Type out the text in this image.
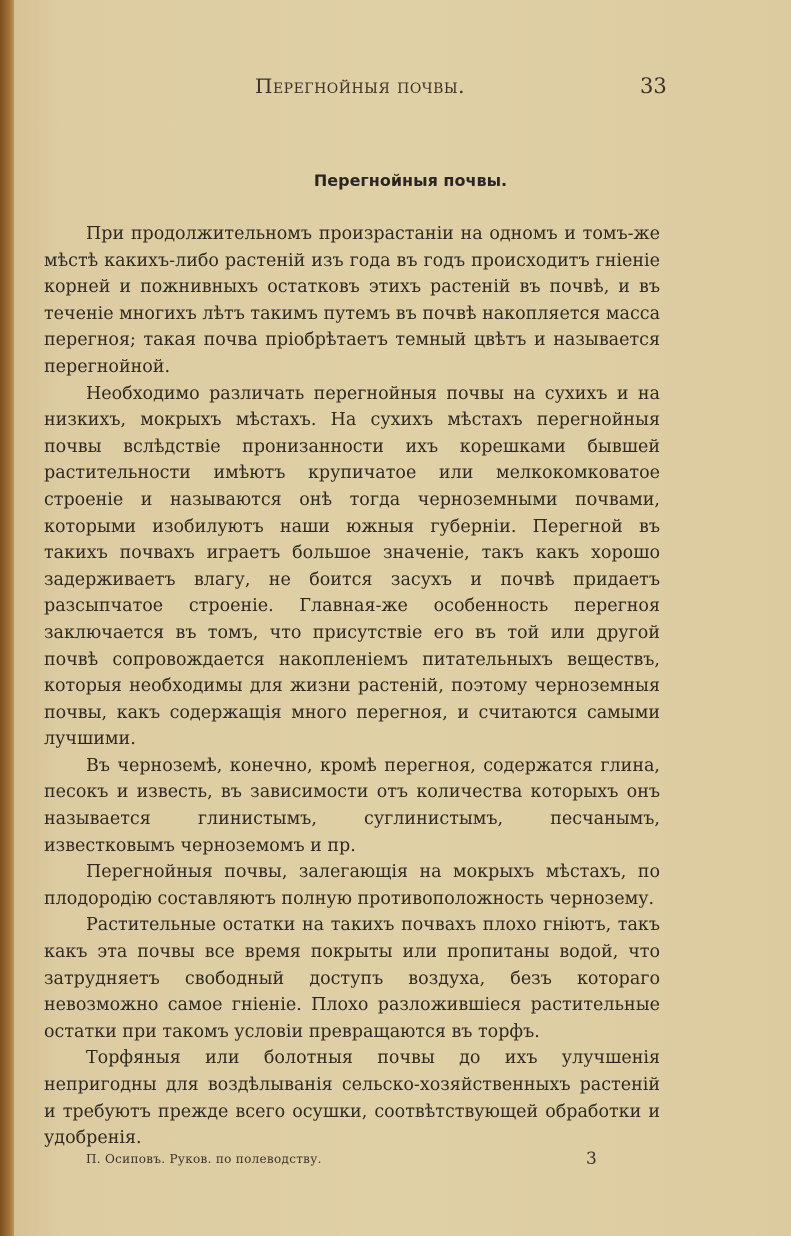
Перегнойныя почвы.	33
Перегнойныя почвы.

При продолжительномъ произрастанiи на одномъ и томъ-же мѣстѣ какихъ-либо растенiй изъ года въ годъ происходитъ гнiенiе корней и пожнивныхъ остатковъ этихъ растенiй въ почвѣ, и въ теченiе многихъ лѣтъ такимъ путемъ въ почвѣ накопляется масса перегноя; такая почва прiобрѣтаетъ темный цвѣтъ и называется перегнойной.

Необходимо различать перегнойныя почвы на сухихъ и на низкихъ, мокрыхъ мѣстахъ. На сухихъ мѣстахъ перегнойныя почвы вслѣдствiе пронизанности ихъ корешками бывшей растительности имѣютъ крупичатое или мелкокомковатое строенiе и называются онѣ тогда черноземными почвами, которыми изобилуютъ наши южныя губернiи. Перегной въ такихъ почвахъ играетъ большое значенiе, такъ какъ хорошо задерживаетъ влагу, не боится засухъ и почвѣ придаетъ разсыпчатое строенiе. Главная-же особенность перегноя заключается въ томъ, что присутствiе его въ той или другой почвѣ сопровождается накопленiемъ питательныхъ веществъ, которыя необходимы для жизни растенiй, поэтому черноземныя почвы, какъ содержащiя много перегноя, и считаются самыми лучшими.

Въ черноземѣ, конечно, кромѣ перегноя, содержатся глина, песокъ и известь, въ зависимости отъ количества которыхъ онъ называется глинистымъ, суглинистымъ, песчанымъ, известковымъ черноземомъ и пр.

Перегнойныя почвы, залегающiя на мокрыхъ мѣстахъ, по плодородiю составляютъ полную противоположность чернозему.

Растительные остатки на такихъ почвахъ плохо гнiютъ, такъ какъ эта почвы все время покрыты или пропитаны водой, что затрудняетъ свободный доступъ воздуха, безъ котораго невозможно самое гнiенiе. Плохо разложившiеся растительные остатки при такомъ условiи превращаются въ торфъ.

Торфяныя или болотныя почвы до ихъ улучшенiя непригодны для воздѣлыванiя сельско-хозяйственныхъ растенiй и требуютъ прежде всего осушки, соотвѣтствующей обработки и удобренiя.

П. Осиповъ. Руков. по полеводству.	3
